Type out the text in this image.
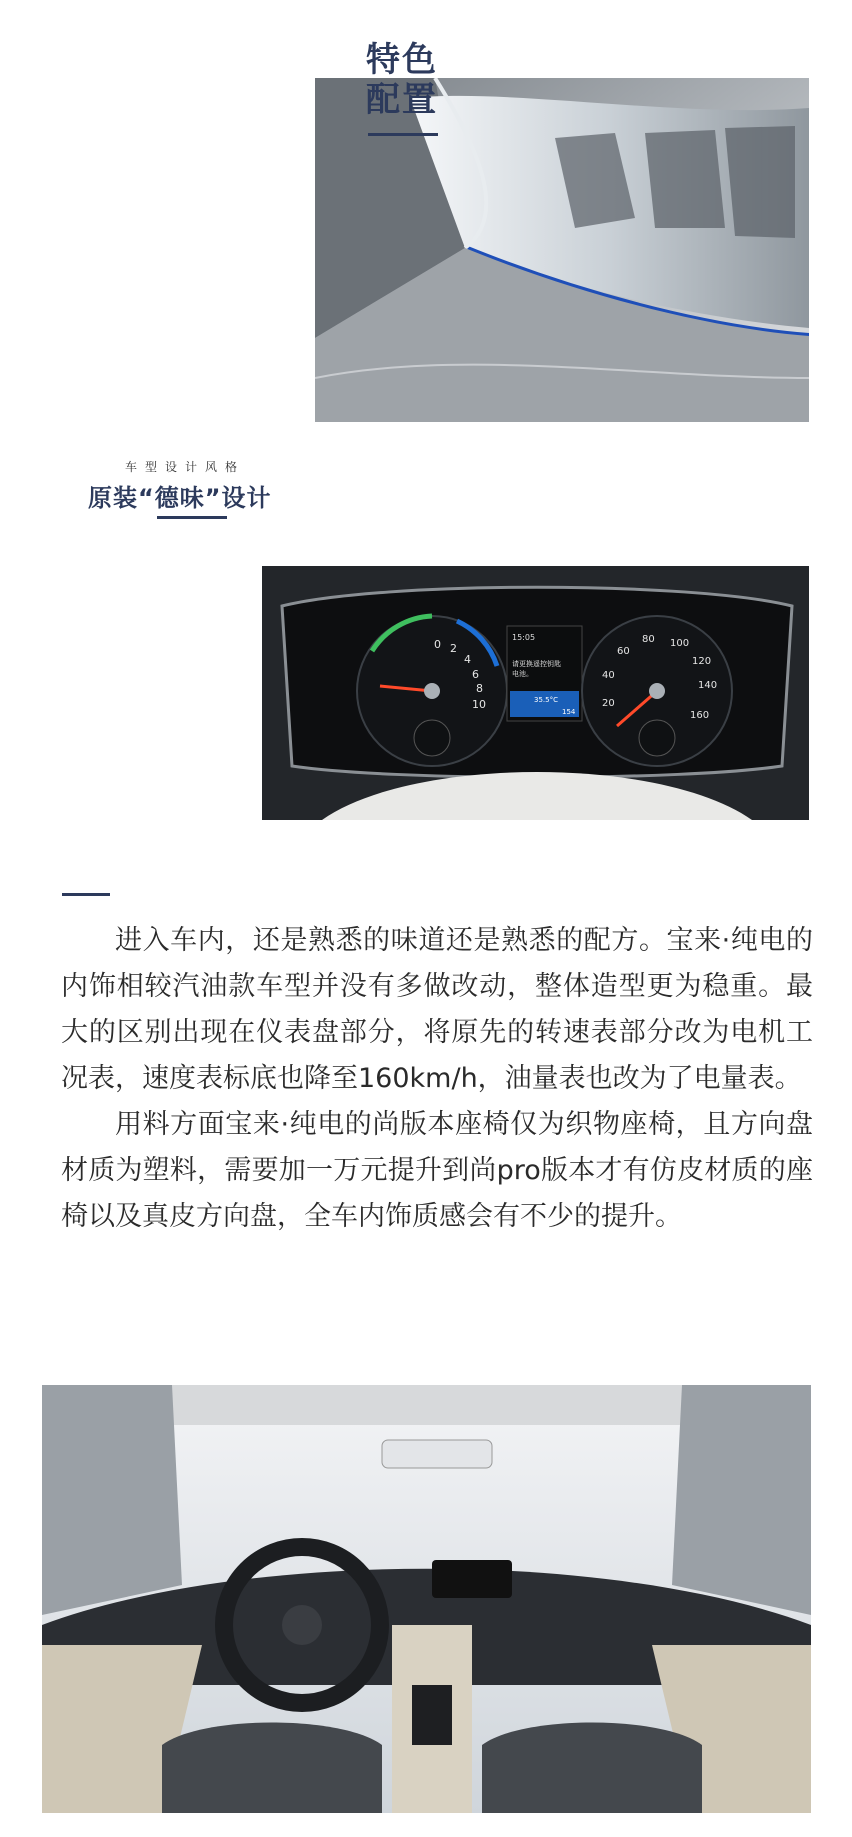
特色
配置
车型设计风格
原装“德味”设计
0 2
4
6
8
10
15:05
请更换遥控钥匙
电池。
35.5°C
154
20
40
60
80 100
120
140
160

进入车内，还是熟悉的味道还是熟悉的配方。宝来·纯电的内饰相较汽油款车型并没有多做改动，整体造型更为稳重。最大的区别出现在仪表盘部分，将原先的转速表部分改为电机工况表，速度表标底也降至160km/h，油量表也改为了电量表。

用料方面宝来·纯电的尚版本座椅仅为织物座椅，且方向盘材质为塑料，需要加一万元提升到尚pro版本才有仿皮材质的座椅以及真皮方向盘，全车内饰质感会有不少的提升。
